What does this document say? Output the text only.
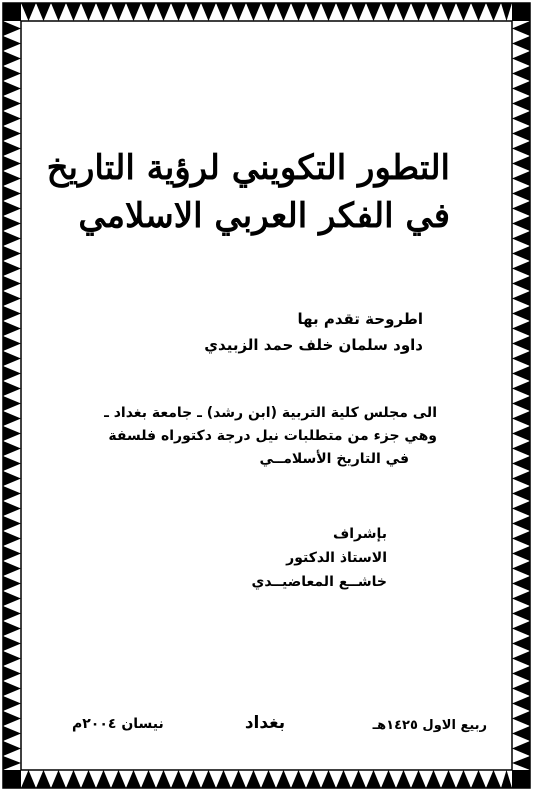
التطور التكويني لرؤية التاريخ
في الفكر العربي الاسلامي
اطروحة تقدم بها
داود سلمان خلف حمد الزبيدي
الى مجلس كلية التربية (ابن رشد) ـ جامعة بغداد ـ
وهي جزء من متطلبات نيل درجة دكتوراه فلسفة
في التاريخ الأسلامــي
بإشراف
الاستاذ الدكتور
خاشــع المعاضيــدي
ربيع الاول ١٤٢٥هـ
بغداد
نيسان ٢٠٠٤م
